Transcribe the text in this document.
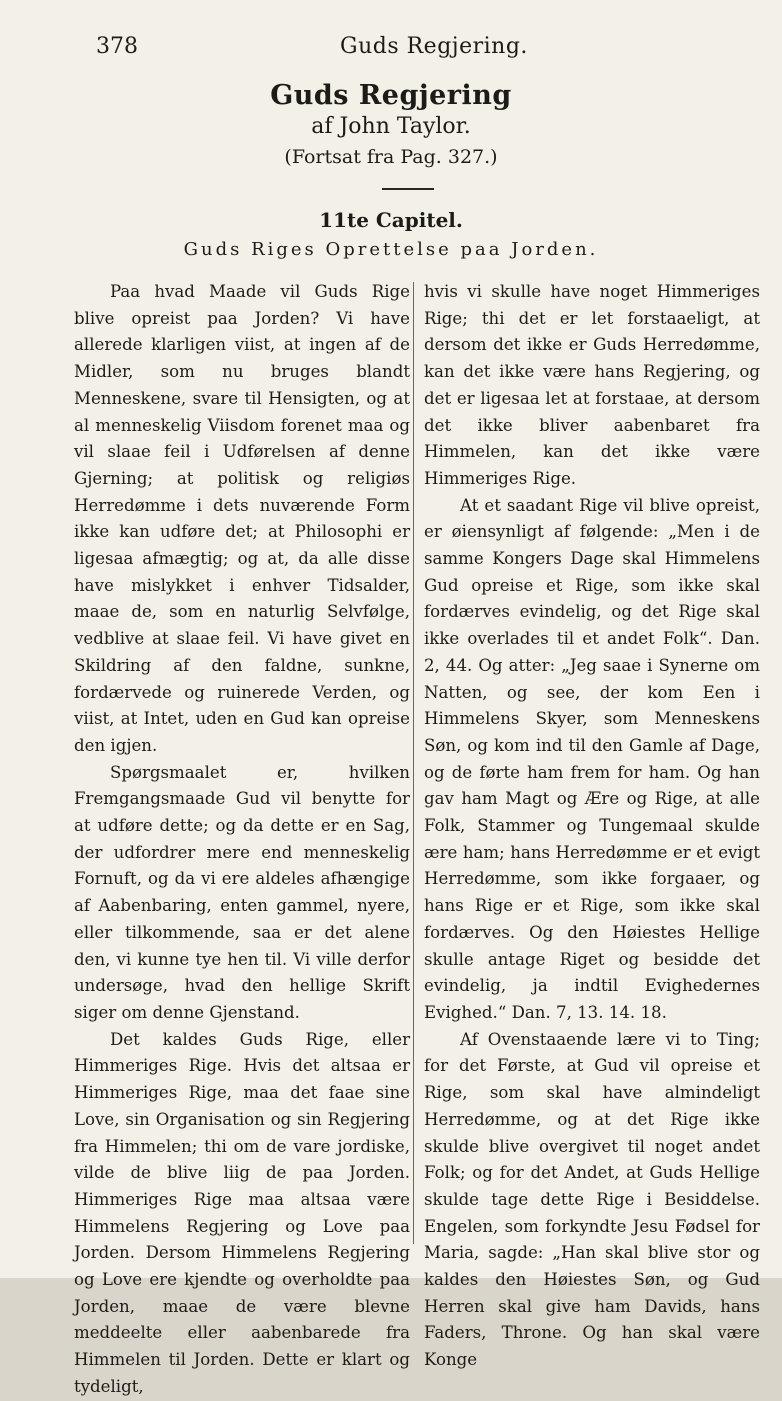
378	Guds Regjering.
Guds Regjering
af John Taylor.
(Fortsat fra Pag. 327.)
11te Capitel.
Guds Riges Oprettelse paa Jorden.

Paa hvad Maade vil Guds Rige blive opreist paa Jorden? Vi have allerede klarligen viist, at ingen af de Midler, som nu bruges blandt Menneskene, svare til Hensigten, og at al menneskelig Viisdom forenet maa og vil slaae feil i Udførelsen af denne Gjerning; at politisk og religiøs Herredømme i dets nuværende Form ikke kan udføre det; at Philosophi er ligesaa afmægtig; og at, da alle disse have mislykket i enhver Tidsalder, maae de, som en naturlig Selvfølge, vedblive at slaae feil. Vi have givet en Skildring af den faldne, sunkne, fordærvede og ruinerede Verden, og viist, at Intet, uden en Gud kan opreise den igjen.

Spørgsmaalet er, hvilken Fremgangsmaade Gud vil benytte for at udføre dette; og da dette er en Sag, der udfordrer mere end menneskelig Fornuft, og da vi ere aldeles afhængige af Aabenbaring, enten gammel, nyere, eller tilkommende, saa er det alene den, vi kunne tye hen til. Vi ville derfor undersøge, hvad den hellige Skrift siger om denne Gjenstand.

Det kaldes Guds Rige, eller Himmeriges Rige. Hvis det altsaa er Himmeriges Rige, maa det faae sine Love, sin Organisation og sin Regjering fra Himmelen; thi om de vare jordiske, vilde de blive liig de paa Jorden. Himmeriges Rige maa altsaa være Himmelens Regjering og Love paa Jorden. Dersom Himmelens Regjering og Love ere kjendte og overholdte paa Jorden, maae de være blevne meddeelte eller aabenbarede fra Himmelen til Jorden. Dette er klart og tydeligt,

hvis vi skulle have noget Himmeriges Rige; thi det er let forstaaeligt, at dersom det ikke er Guds Herredømme, kan det ikke være hans Regjering, og det er ligesaa let at forstaae, at dersom det ikke bliver aabenbaret fra Himmelen, kan det ikke være Himmeriges Rige.

At et saadant Rige vil blive opreist, er øiensynligt af følgende: „Men i de samme Kongers Dage skal Himmelens Gud opreise et Rige, som ikke skal fordærves evindelig, og det Rige skal ikke overlades til et andet Folk“. Dan. 2, 44. Og atter: „Jeg saae i Synerne om Natten, og see, der kom Een i Himmelens Skyer, som Menneskens Søn, og kom ind til den Gamle af Dage, og de førte ham frem for ham. Og han gav ham Magt og Ære og Rige, at alle Folk, Stammer og Tungemaal skulde ære ham; hans Herredømme er et evigt Herredømme, som ikke forgaaer, og hans Rige er et Rige, som ikke skal fordærves. Og den Høiestes Hellige skulle antage Riget og besidde det evindelig, ja indtil Evighedernes Evighed.“ Dan. 7, 13. 14. 18.

Af Ovenstaaende lære vi to Ting; for det Første, at Gud vil opreise et Rige, som skal have almindeligt Herredømme, og at det Rige ikke skulde blive overgivet til noget andet Folk; og for det Andet, at Guds Hellige skulde tage dette Rige i Besiddelse. Engelen, som forkyndte Jesu Fødsel for Maria, sagde: „Han skal blive stor og kaldes den Høiestes Søn, og Gud Herren skal give ham Davids, hans Faders, Throne. Og han skal være Konge
